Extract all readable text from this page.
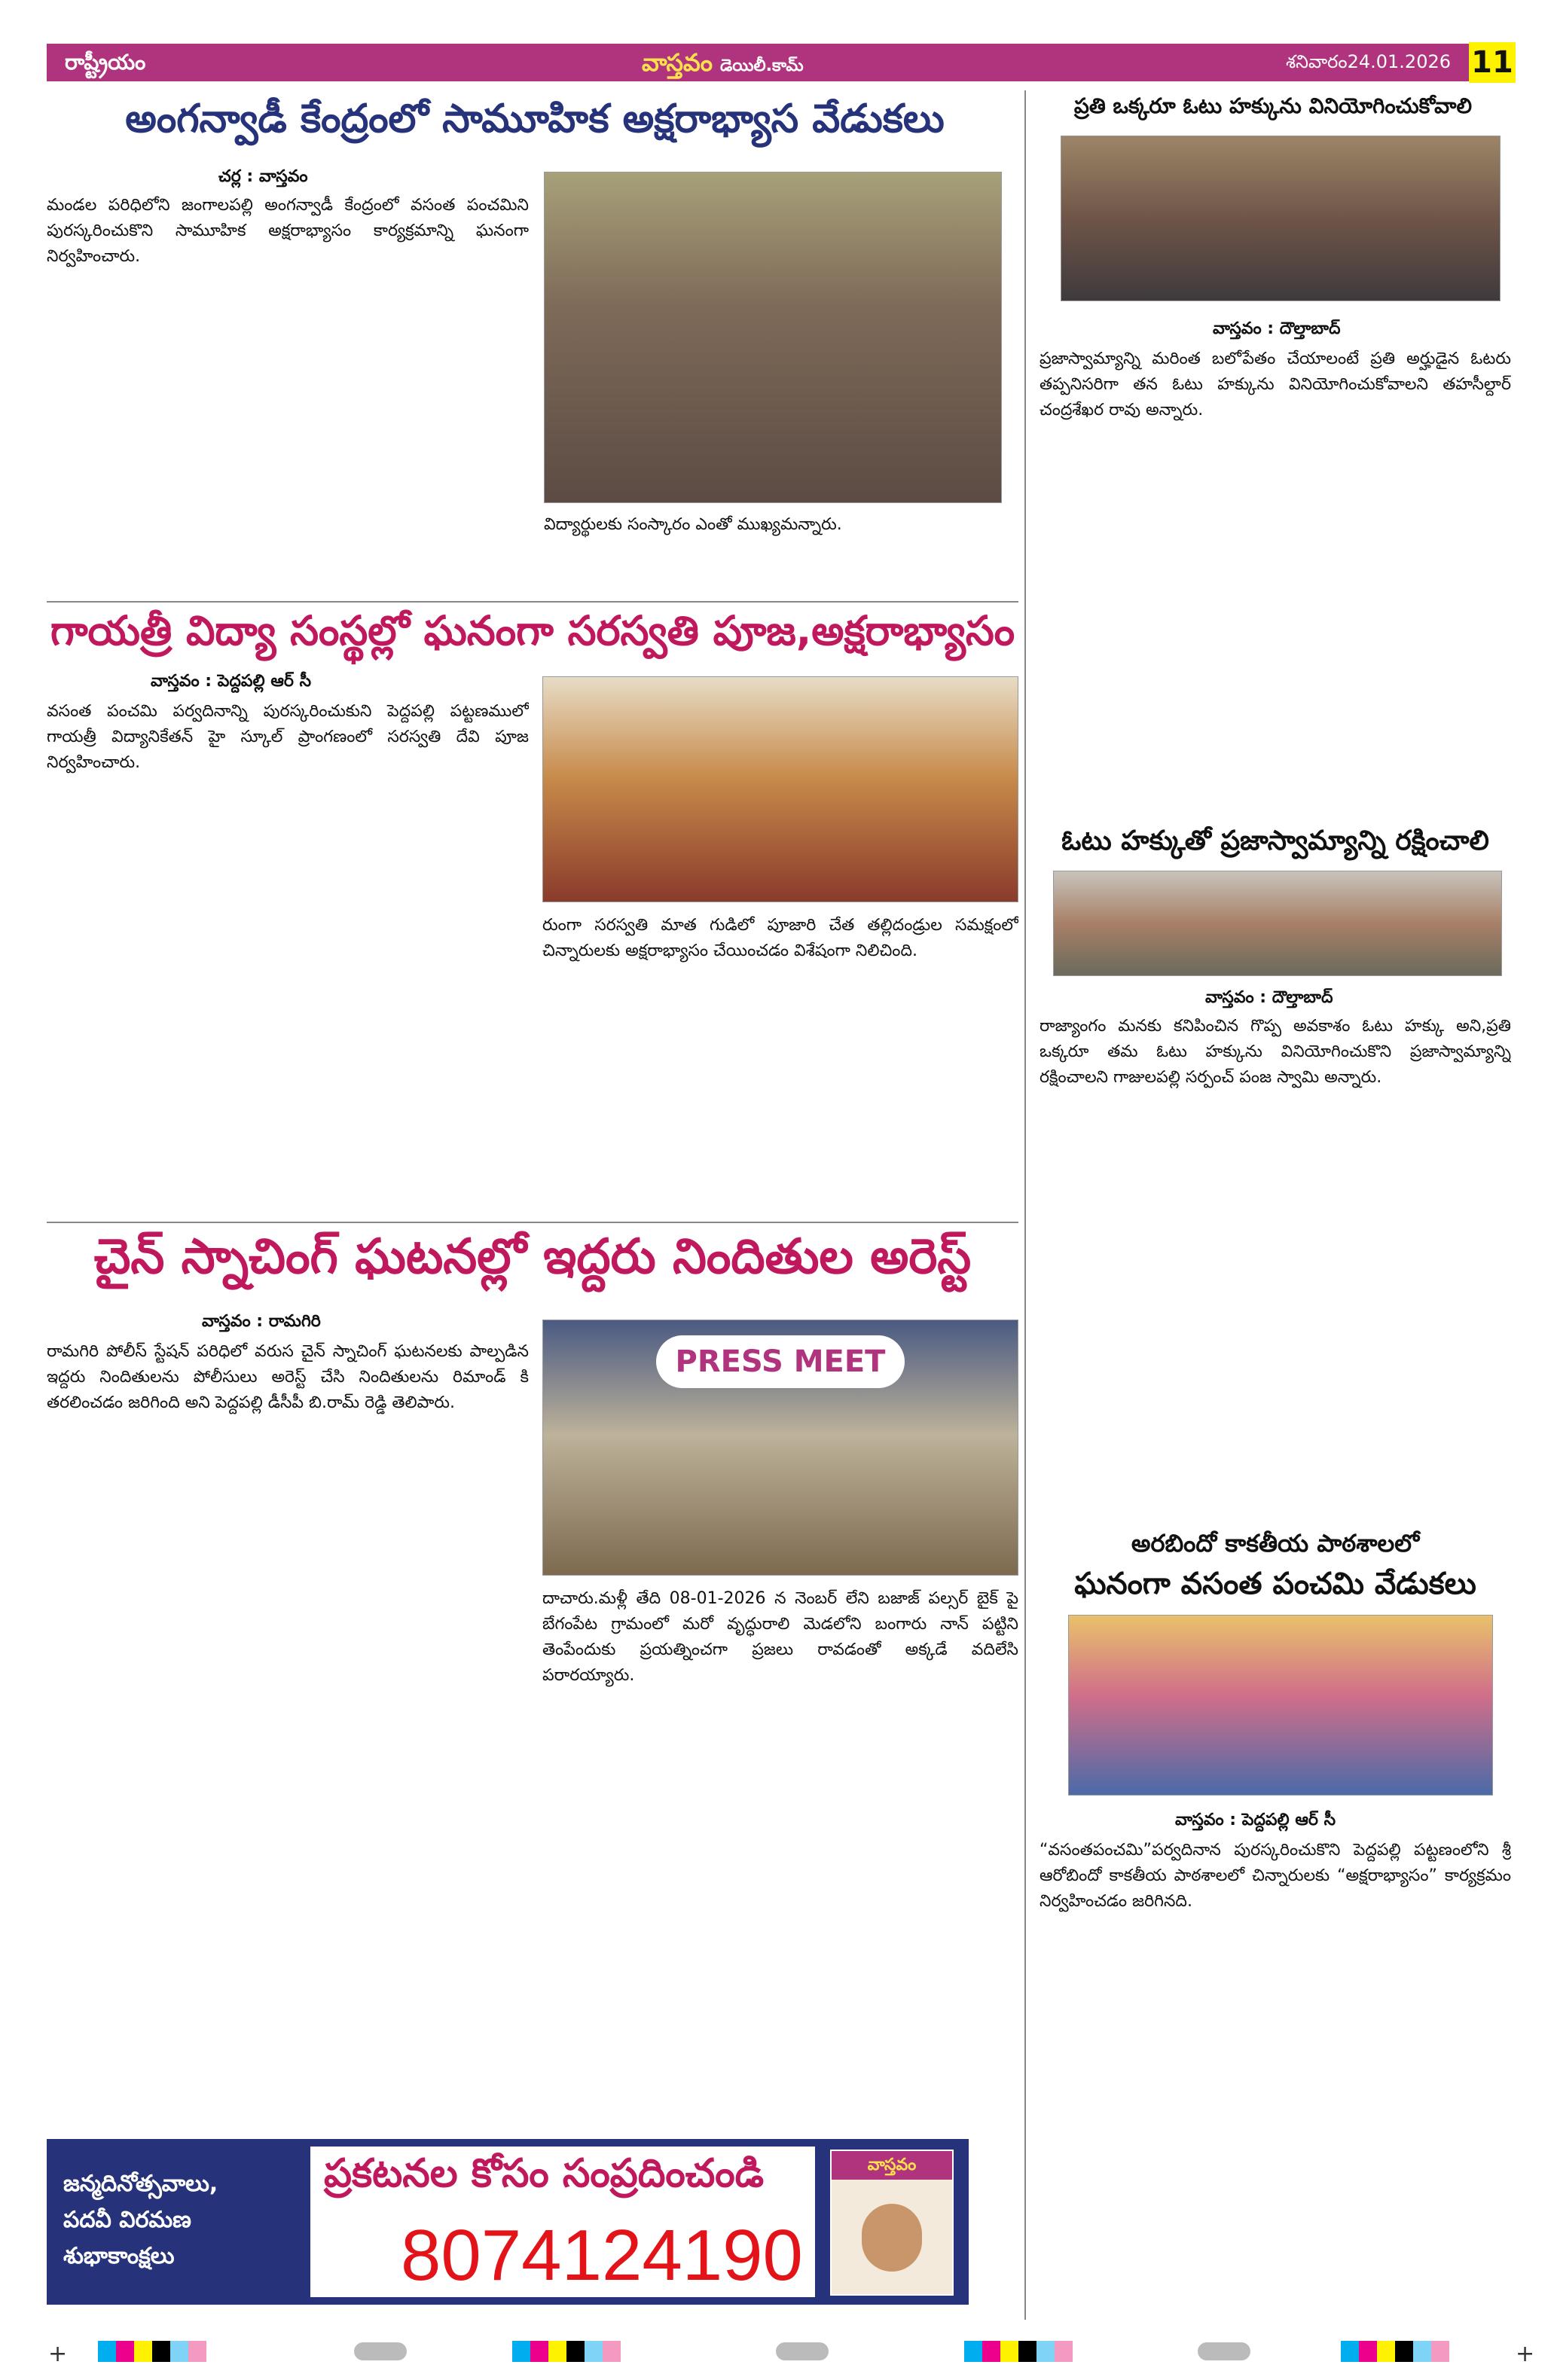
రాష్ట్రీయం	వాస్తవం డెయిలీ.కామ్	శనివారం24.01.2026 11
అంగన్వాడీ కేంద్రంలో సామూహిక అక్షరాభ్యాస వేడుకలు
చర్ల : వాస్తవం
మండల పరిధిలోని జంగాలపల్లి అంగన్వాడీ కేంద్రంలో వసంత పంచమిని పురస్కరించుకొని సామూహిక అక్షరాభ్యాసం కార్యక్రమాన్ని ఘనంగా నిర్వహించారు.
విద్యార్థులకు సంస్కారం ఎంతో ముఖ్యమన్నారు.
గాయత్రీ విద్యా సంస్థల్లో ఘనంగా సరస్వతి పూజ,అక్షరాభ్యాసం
వాస్తవం : పెద్దపల్లి ఆర్ సీ
వసంత పంచమి పర్వదినాన్ని పురస్కరించుకుని పెద్దపల్లి పట్టణములో గాయత్రీ విద్యానికేతన్ హై స్కూల్ ప్రాంగణంలో సరస్వతి దేవి పూజ నిర్వహించారు.
రుంగా సరస్వతి మాత గుడిలో పూజారి చేత తల్లిదండ్రుల సమక్షంలో చిన్నారులకు అక్షరాభ్యాసం చేయించడం విశేషంగా నిలిచింది.
చైన్ స్నాచింగ్ ఘటనల్లో ఇద్దరు నిందితుల అరెస్ట్
వాస్తవం : రామగిరి
రామగిరి పోలీస్ స్టేషన్ పరిధిలో వరుస చైన్ స్నాచింగ్ ఘటనలకు పాల్పడిన ఇద్దరు నిందితులను పోలీసులు అరెస్ట్ చేసి నిందితులను రిమాండ్ కి తరలించడం జరిగింది అని పెద్దపల్లి డీసీపీ బి.రామ్ రెడ్డి తెలిపారు.
PRESS MEET
దాచారు.మళ్లీ తేది 08-01-2026 న నెంబర్ లేని బజాజ్ పల్సర్ బైక్ పై బేగంపేట గ్రామంలో మరో వృద్ధురాలి మెడలోని బంగారు నాన్ పట్టిని తెంపేందుకు ప్రయత్నించగా ప్రజలు రావడంతో అక్కడే వదిలేసి పరారయ్యారు.
ప్రతి ఒక్కరూ ఓటు హక్కును వినియోగించుకోవాలి
వాస్తవం : దౌల్తాబాద్
ప్రజాస్వామ్యాన్ని మరింత బలోపేతం చేయాలంటే ప్రతి అర్హుడైన ఓటరు తప్పనిసరిగా తన ఓటు హక్కును వినియోగించుకోవాలని తహసీల్దార్ చంద్రశేఖర రావు అన్నారు.
ఓటు హక్కుతో ప్రజాస్వామ్యాన్ని రక్షించాలి
వాస్తవం : దౌల్తాబాద్
రాజ్యాంగం మనకు కనిపించిన గొప్ప అవకాశం ఓటు హక్కు అని,ప్రతి ఒక్కరూ తమ ఓటు హక్కును వినియోగించుకొని ప్రజాస్వామ్యాన్ని రక్షించాలని గాజులపల్లి సర్పంచ్ పంజ స్వామి అన్నారు.
అరబిందో కాకతీయ పాఠశాలలో
ఘనంగా వసంత పంచమి వేడుకలు
వాస్తవం : పెద్దపల్లి ఆర్ సీ
“వసంతపంచమి”పర్వదినాన పురస్కరించుకొని పెద్దపల్లి పట్టణంలోని శ్రీ ఆరోబిందో కాకతీయ పాఠశాలలో చిన్నారులకు “అక్షరాభ్యాసం” కార్యక్రమం నిర్వహించడం జరిగినది.
జన్మదినోత్సవాలు,
పదవీ విరమణ
శుభాకాంక్షలు
ప్రకటనల కోసం సంప్రదించండి
8074124190
వాస్తవం
+	+
